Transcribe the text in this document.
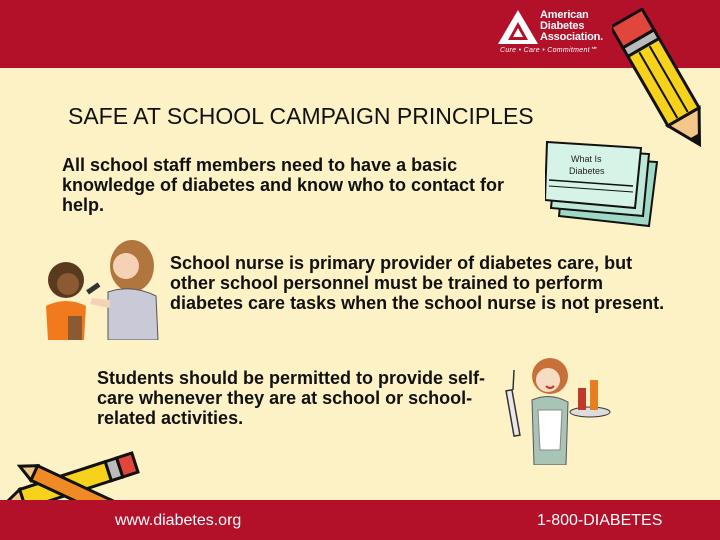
American
Diabetes
Association.
Cure • Care • Commitment℠
SAFE AT SCHOOL CAMPAIGN PRINCIPLES
All school staff members need to have a basic knowledge of diabetes and know who to contact for help.
What Is
Diabetes
School nurse is primary provider of diabetes care, but other school personnel must be trained to perform diabetes care tasks when the school nurse is not present.
Students should be permitted to provide self-care whenever they are at school or school-related activities.
www.diabetes.org	1-800-DIABETES
